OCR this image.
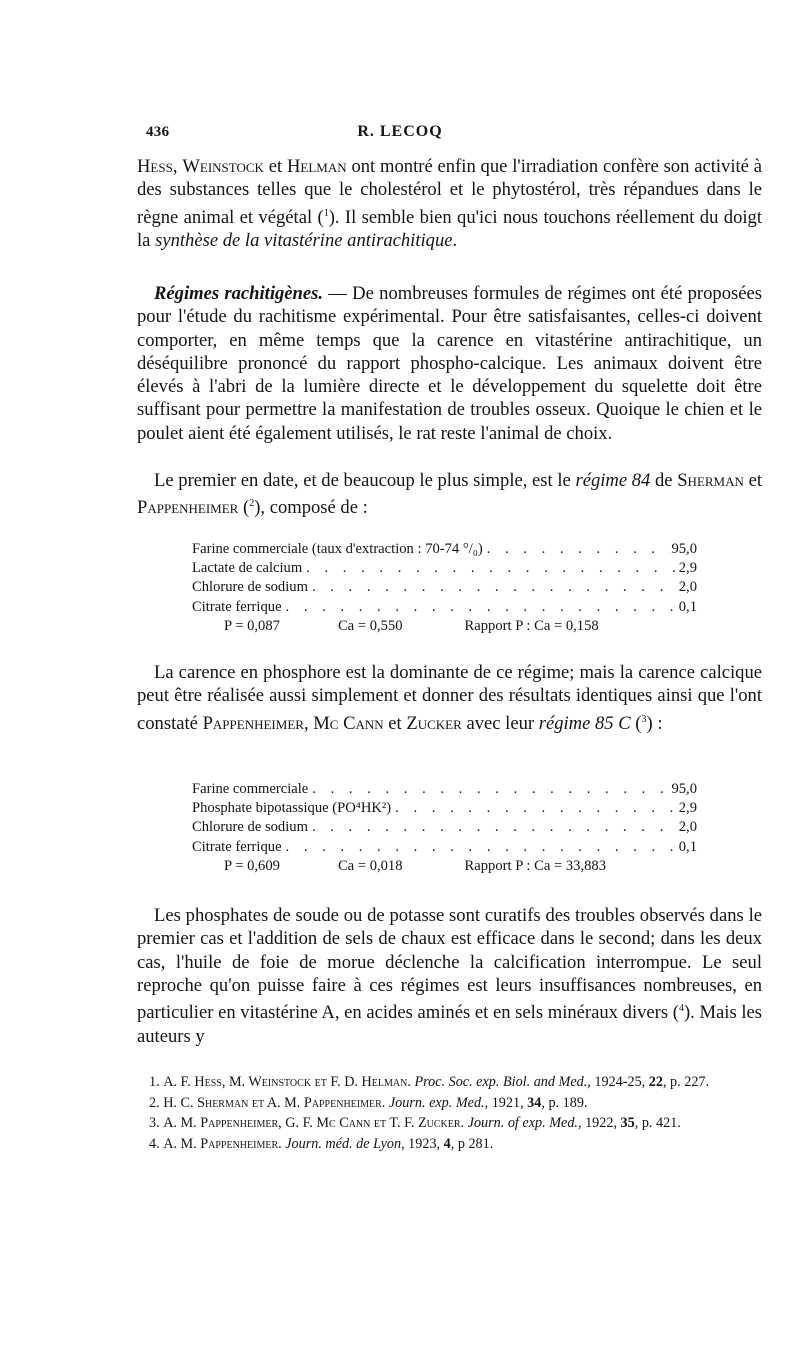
436	R. LECOQ

Hess, Weinstock et Helman ont montré enfin que l'irradiation confère son activité à des substances telles que le cholestérol et le phytostérol, très répandues dans le règne animal et végétal ($^1$). Il semble bien qu'ici nous touchons réellement du doigt la synthèse de la vitastérine antirachitique.

Régimes rachitigènes. — De nombreuses formules de régimes ont été proposées pour l'étude du rachitisme expérimental. Pour être satisfaisantes, celles-ci doivent comporter, en même temps que la carence en vitastérine antirachitique, un déséquilibre prononcé du rapport phospho-calcique. Les animaux doivent être élevés à l'abri de la lumière directe et le développement du squelette doit être suffisant pour permettre la manifestation de troubles osseux. Quoique le chien et le poulet aient été également utilisés, le rat reste l'animal de choix.

Le premier en date, et de beaucoup le plus simple, est le régime 84 de Sherman et Pappenheimer ($^2$), composé de :

Farine commerciale (taux d'extraction : 70-74 °/₀) . . .	95,0
Lactate de calcium . . .	2,9
Chlorure de sodium . . .	2,0
Citrate ferrique . . .	0,1
P = 0,087	Ca = 0,550	Rapport P : Ca = 0,158

La carence en phosphore est la dominante de ce régime; mais la carence calcique peut être réalisée aussi simplement et donner des résultats identiques ainsi que l'ont constaté Pappenheimer, Mc Cann et Zucker avec leur régime 85 C ($^3$) :

Farine commerciale . . .	95,0
Phosphate bipotassique (PO⁴HK²) . . .	2,9
Chlorure de sodium . . .	2,0
Citrate ferrique . . .	0,1
P = 0,609	Ca = 0,018	Rapport P : Ca = 33,883

Les phosphates de soude ou de potasse sont curatifs des troubles observés dans le premier cas et l'addition de sels de chaux est efficace dans le second; dans les deux cas, l'huile de foie de morue déclenche la calcification interrompue. Le seul reproche qu'on puisse faire à ces régimes est leurs insuffisances nombreuses, en particulier en vitastérine A, en acides aminés et en sels minéraux divers ($^4$). Mais les auteurs y

1. A. F. Hess, M. Weinstock et F. D. Helman. Proc. Soc. exp. Biol. and Med., 1924-25, 22, p. 227.

2. H. C. Sherman et A. M. Pappenheimer. Journ. exp. Med., 1921, 34, p. 189.

3. A. M. Pappenheimer, G. F. Mc Cann et T. F. Zucker. Journ. of exp. Med., 1922, 35, p. 421.

4. A. M. Pappenheimer. Journ. méd. de Lyon, 1923, 4, p 281.
